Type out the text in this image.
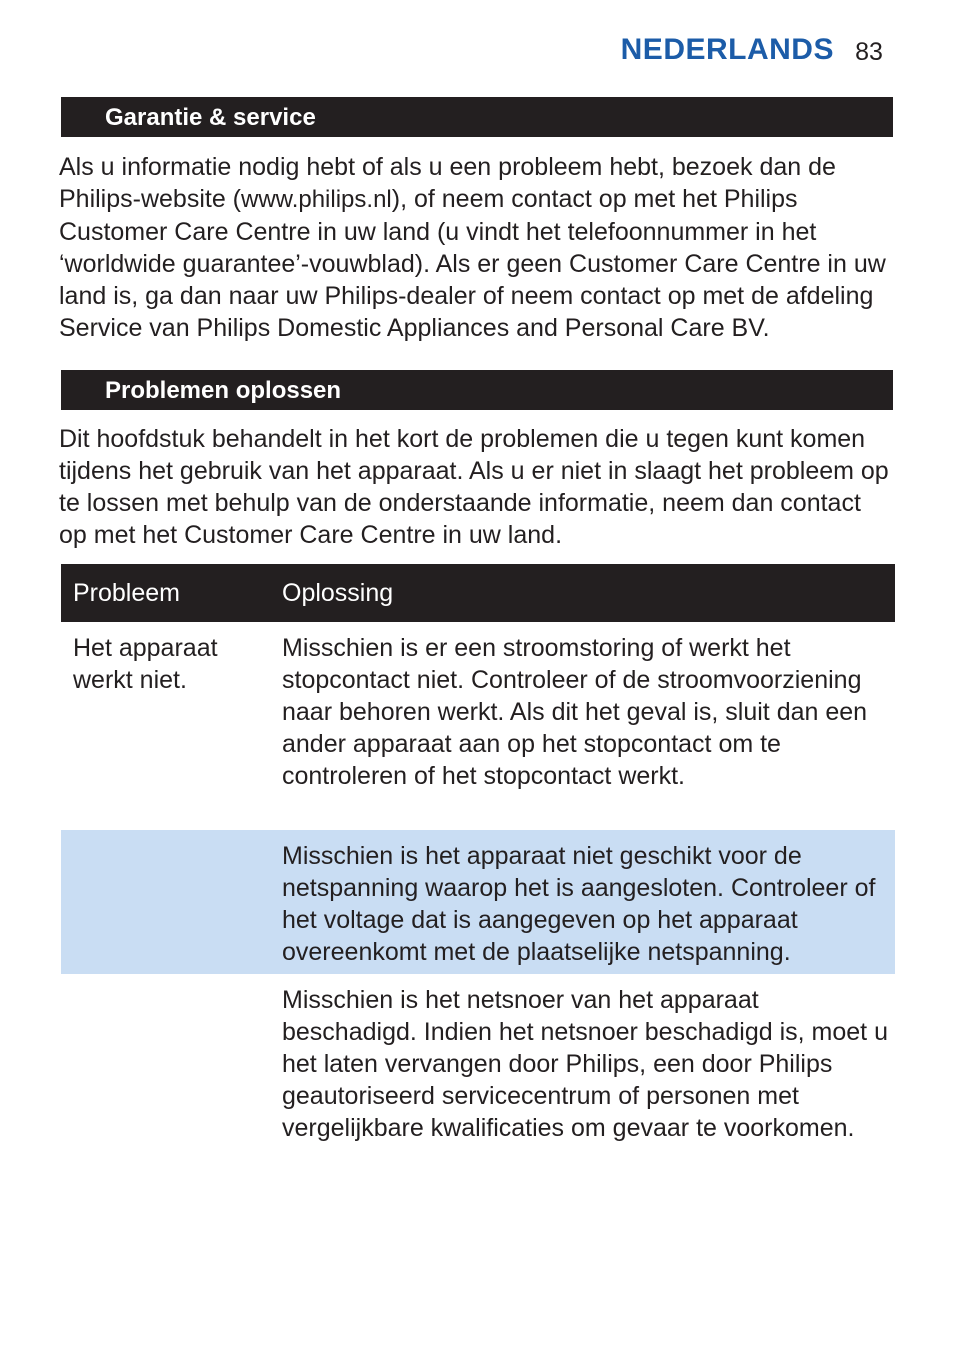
NEDERLANDS 83
Garantie & service
Als u informatie nodig hebt of als u een probleem hebt, bezoek dan de Philips-website (www.philips.nl), of neem contact op met het Philips Customer Care Centre in uw land (u vindt het telefoonnummer in het ‘worldwide guarantee’-vouwblad). Als er geen Customer Care Centre in uw land is, ga dan naar uw Philips-dealer of neem contact op met de afdeling Service van Philips Domestic Appliances and Personal Care BV.
Problemen oplossen
Dit hoofdstuk behandelt in het kort de problemen die u tegen kunt komen tijdens het gebruik van het apparaat. Als u er niet in slaagt het probleem op te lossen met behulp van de onderstaande informatie, neem dan contact op met het Customer Care Centre in uw land.
Probleem	Oplossing
Het apparaat werkt niet.
Misschien is er een stroomstoring of werkt het stopcontact niet. Controleer of de stroomvoorziening naar behoren werkt. Als dit het geval is, sluit dan een ander apparaat aan op het stopcontact om te controleren of het stopcontact werkt.
Misschien is het apparaat niet geschikt voor de netspanning waarop het is aangesloten. Controleer of het voltage dat is aangegeven op het apparaat overeenkomt met de plaatselijke netspanning.
Misschien is het netsnoer van het apparaat beschadigd. Indien het netsnoer beschadigd is, moet u het laten vervangen door Philips, een door Philips geautoriseerd servicecentrum of personen met vergelijkbare kwalificaties om gevaar te voorkomen.
